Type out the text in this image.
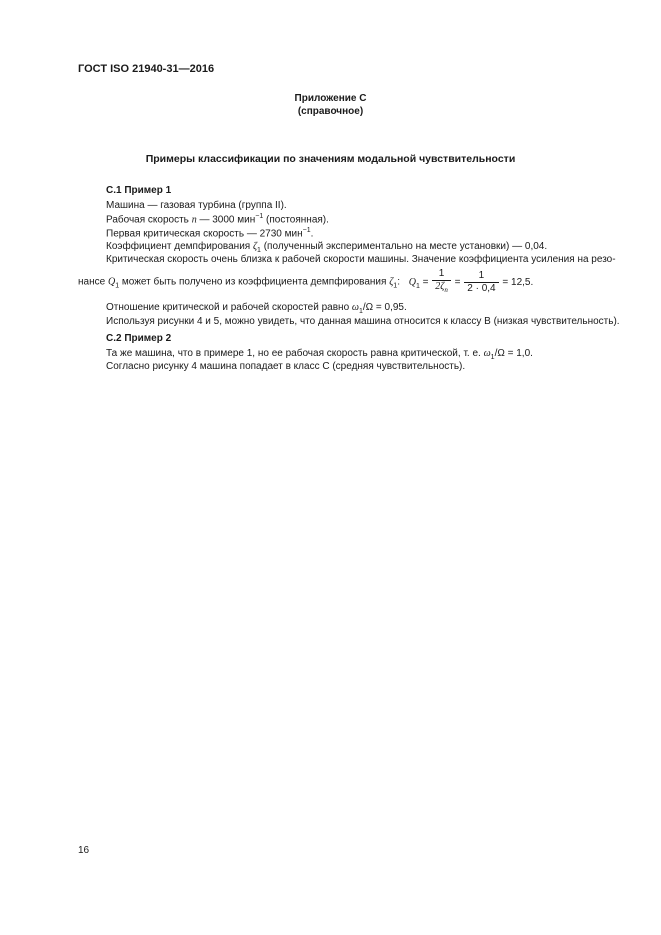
ГОСТ ISO 21940-31—2016
Приложение С
(справочное)
Примеры классификации по значениям модальной чувствительности
С.1 Пример 1
Машина — газовая турбина (группа II).
Рабочая скорость n — 3000 мин$^{-1}$ (постоянная).
Первая критическая скорость — 2730 мин$^{-1}$.
Коэффициент демпфирования $\zeta_1$ (полученный экспериментально на месте установки) — 0,04.
Критическая скорость очень близка к рабочей скорости машины. Значение коэффициента усиления на резо-
нансе $Q_1$ может быть получено из коэффициента демпфирования $\zeta_1$: $Q_1 = \frac{1}{2\zeta_n} = \frac{1}{2 \cdot 0,4} = 12,5$.
Отношение критической и рабочей скоростей равно $\omega_1/\Omega = 0,95$.
Используя рисунки 4 и 5, можно увидеть, что данная машина относится к классу В (низкая чувствительность).
С.2 Пример 2
Та же машина, что в примере 1, но ее рабочая скорость равна критической, т. е. $\omega_1/\Omega = 1,0$.
Согласно рисунку 4 машина попадает в класс С (средняя чувствительность).
16
